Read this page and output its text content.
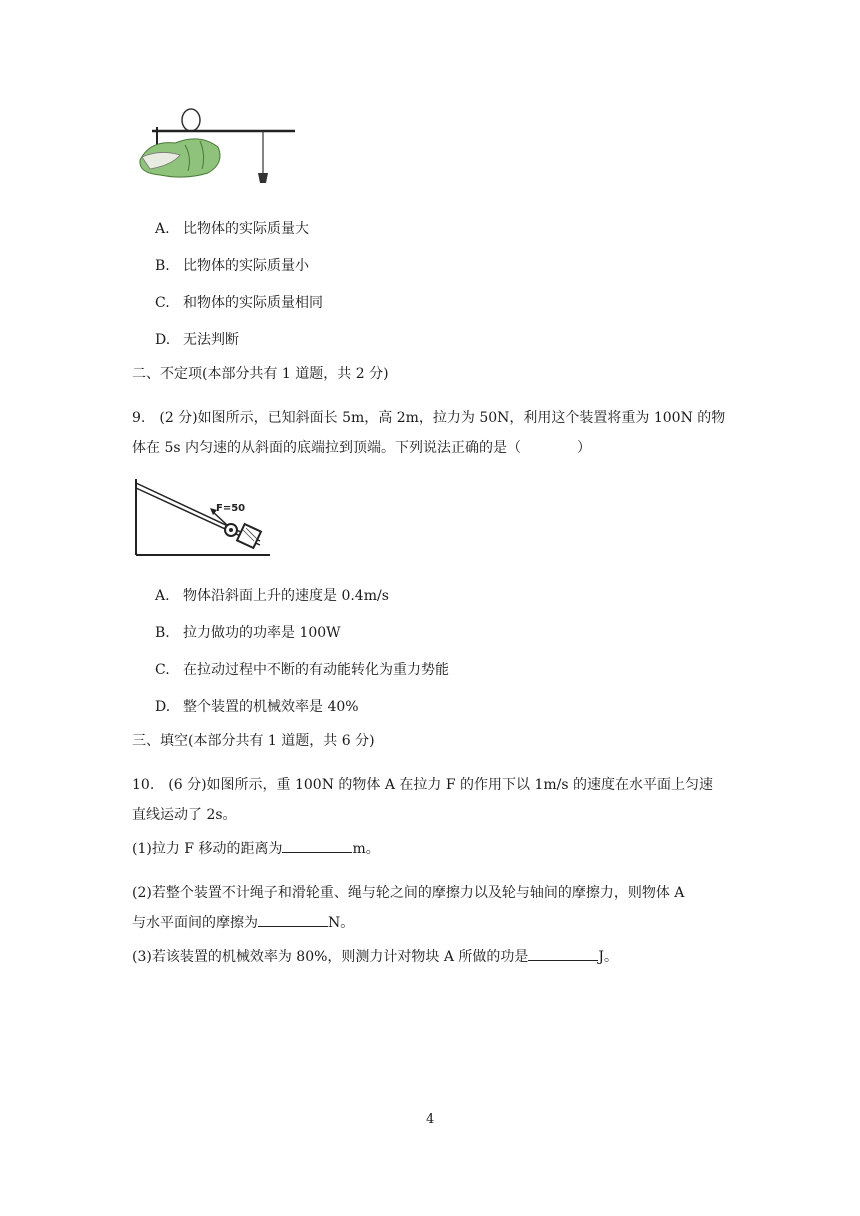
A. 比物体的实际质量大
B. 比物体的实际质量小
C. 和物体的实际质量相同
D. 无法判断
二、不定项(本部分共有 1 道题，共 2 分)
9.　(2 分)如图所示，已知斜面长 5m，高 2m，拉力为 50N，利用这个装置将重为 100N 的物
体在 5s 内匀速的从斜面的底端拉到顶端。下列说法正确的是（　　　　）
F=50
A. 物体沿斜面上升的速度是 0.4m/s
B. 拉力做功的功率是 100W
C. 在拉动过程中不断的有动能转化为重力势能
D. 整个装置的机械效率是 40%
三、填空(本部分共有 1 道题，共 6 分)
10.　(6 分)如图所示，重 100N 的物体 A 在拉力 F 的作用下以 1m/s 的速度在水平面上匀速
直线运动了 2s。
(1)拉力 F 移动的距离为	m。
(2)若整个装置不计绳子和滑轮重、绳与轮之间的摩擦力以及轮与轴间的摩擦力，则物体 A
与水平面间的摩擦为	N。
(3)若该装置的机械效率为 80%，则测力计对物块 A 所做的功是	J。
4
